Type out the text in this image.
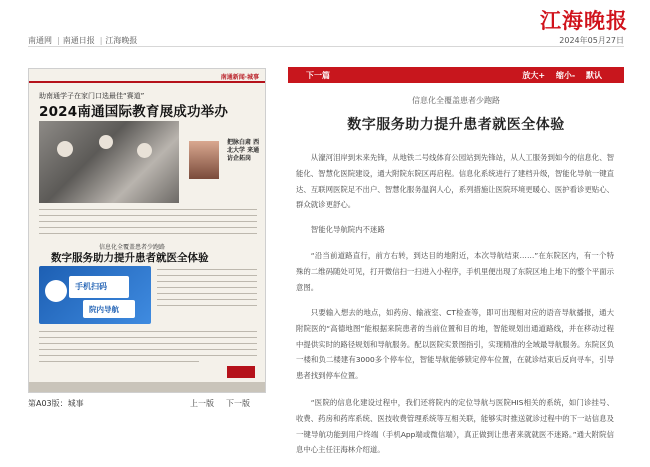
南通网 | 南通日报 | 江海晚报
江海晚报
2024年05月27日
南通新闻·城事
助南通学子在家门口选最佳“赛道”
2024南通国际教育展成功举办
把脉白肃 西北大学 来通访企拓岗
信息化全覆盖患者少跑路
数字服务助力提升患者就医全体验
手机扫码
院内导航
第A03版：城事	上一版 下一版
下一篇	放大+ 缩小- 默认
信息化全覆盖患者少跑路
数字服务助力提升患者就医全体验
从濠河泪岸到未来先锋，从地铁二号线体育公园站到先锋站，从人工服务到如今的信息化、智能化、智慧化医院建设，通大附院东院区再启程。信息化系统进行了建档升级，智能化导航一键直达、互联网医院足不出户、智慧化服务温润人心，系列措施让医院环境更暖心、医护看诊更贴心、群众就诊更舒心。
智能化导航院内不迷路
“沿当前道路直行，前方右转，到达目的地附近，本次导航结束……”在东院区内，有一个特殊的二维码随处可见，打开微信扫一扫进入小程序，手机里便出现了东院区地上地下的整个平面示意图。
只要输入想去的地点，如药房、输液室、CT检查等，即可出现相对应的语音导航播报，通大附院医的“高德地图”能根据来院患者的当前位置和目的地，智能规划出通道路线，并在移动过程中提供实时的路径规划和导航服务。配以医院实景图指引，实现精准的全域最导航服务。东院区负一楼和负二楼建有3000多个停车位，智能导航能够锁定停车位置，在就诊结束后反向寻车，引导患者找到停车位置。
“医院的信息化建设过程中，我们还将院内的定位导航与医院HIS相关的系统，如门诊挂号、收费、药房和药库系统、医技收费管理系统等互相关联，能够实时推送就诊过程中的下一站信息及一键导航功能到用户终端（手机App端或微信端），真正做到让患者来就就医不迷路。”通大附院信息中心主任汪海林介绍道。
